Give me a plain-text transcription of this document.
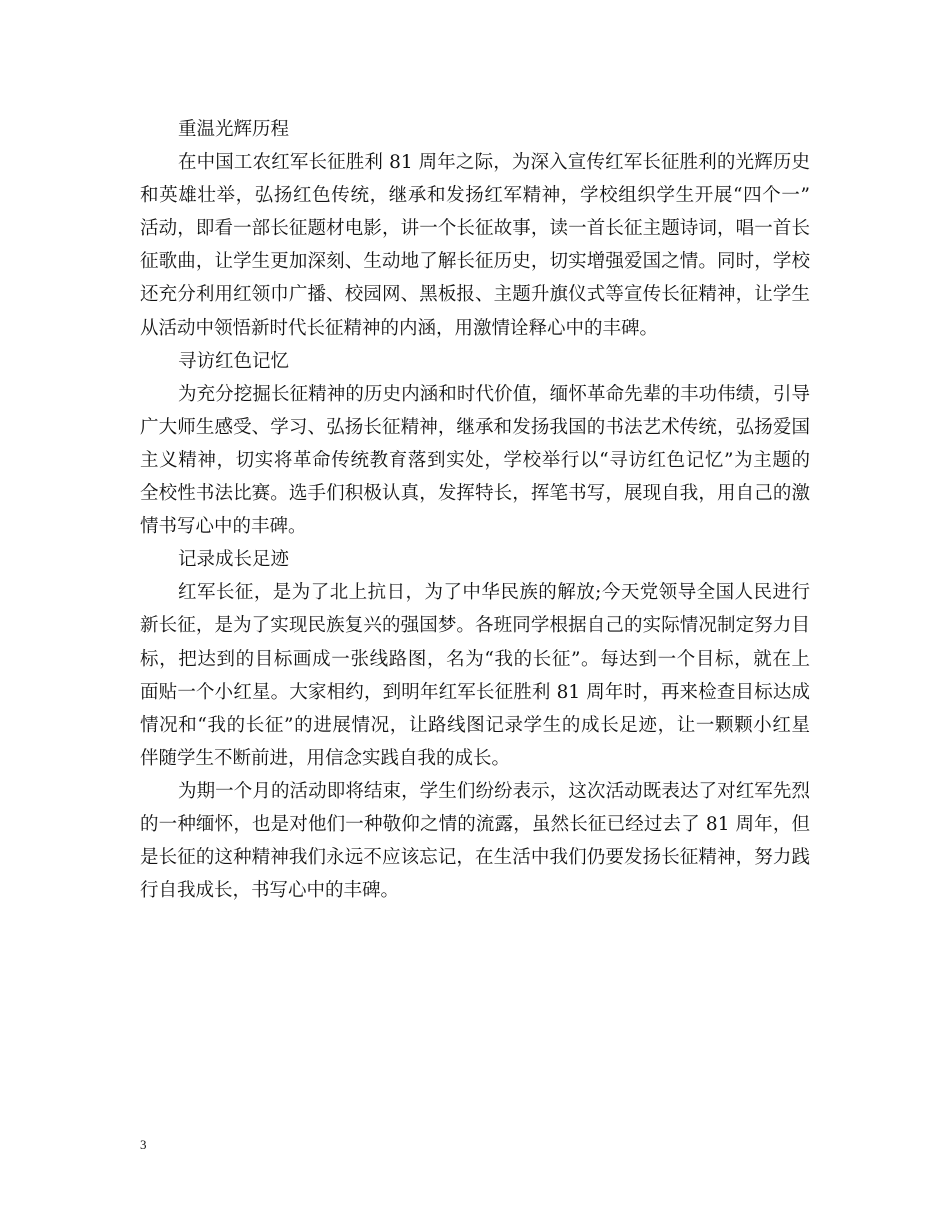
重温光辉历程
在中国工农红军长征胜利 81 周年之际，为深入宣传红军长征胜利的光辉历史
和英雄壮举，弘扬红色传统，继承和发扬红军精神，学校组织学生开展“四个一”
活动，即看一部长征题材电影，讲一个长征故事，读一首长征主题诗词，唱一首长
征歌曲，让学生更加深刻、生动地了解长征历史，切实增强爱国之情。同时，学校
还充分利用红领巾广播、校园网、黑板报、主题升旗仪式等宣传长征精神，让学生
从活动中领悟新时代长征精神的内涵，用激情诠释心中的丰碑。
寻访红色记忆
为充分挖掘长征精神的历史内涵和时代价值，缅怀革命先辈的丰功伟绩，引导
广大师生感受、学习、弘扬长征精神，继承和发扬我国的书法艺术传统，弘扬爱国
主义精神，切实将革命传统教育落到实处，学校举行以“寻访红色记忆”为主题的
全校性书法比赛。选手们积极认真，发挥特长，挥笔书写，展现自我，用自己的激
情书写心中的丰碑。
记录成长足迹
红军长征，是为了北上抗日，为了中华民族的解放;今天党领导全国人民进行
新长征，是为了实现民族复兴的强国梦。各班同学根据自己的实际情况制定努力目
标，把达到的目标画成一张线路图，名为“我的长征”。每达到一个目标，就在上
面贴一个小红星。大家相约，到明年红军长征胜利 81 周年时，再来检查目标达成
情况和“我的长征”的进展情况，让路线图记录学生的成长足迹，让一颗颗小红星
伴随学生不断前进，用信念实践自我的成长。
为期一个月的活动即将结束，学生们纷纷表示，这次活动既表达了对红军先烈
的一种缅怀，也是对他们一种敬仰之情的流露，虽然长征已经过去了 81 周年，但
是长征的这种精神我们永远不应该忘记，在生活中我们仍要发扬长征精神，努力践
行自我成长，书写心中的丰碑。
3
